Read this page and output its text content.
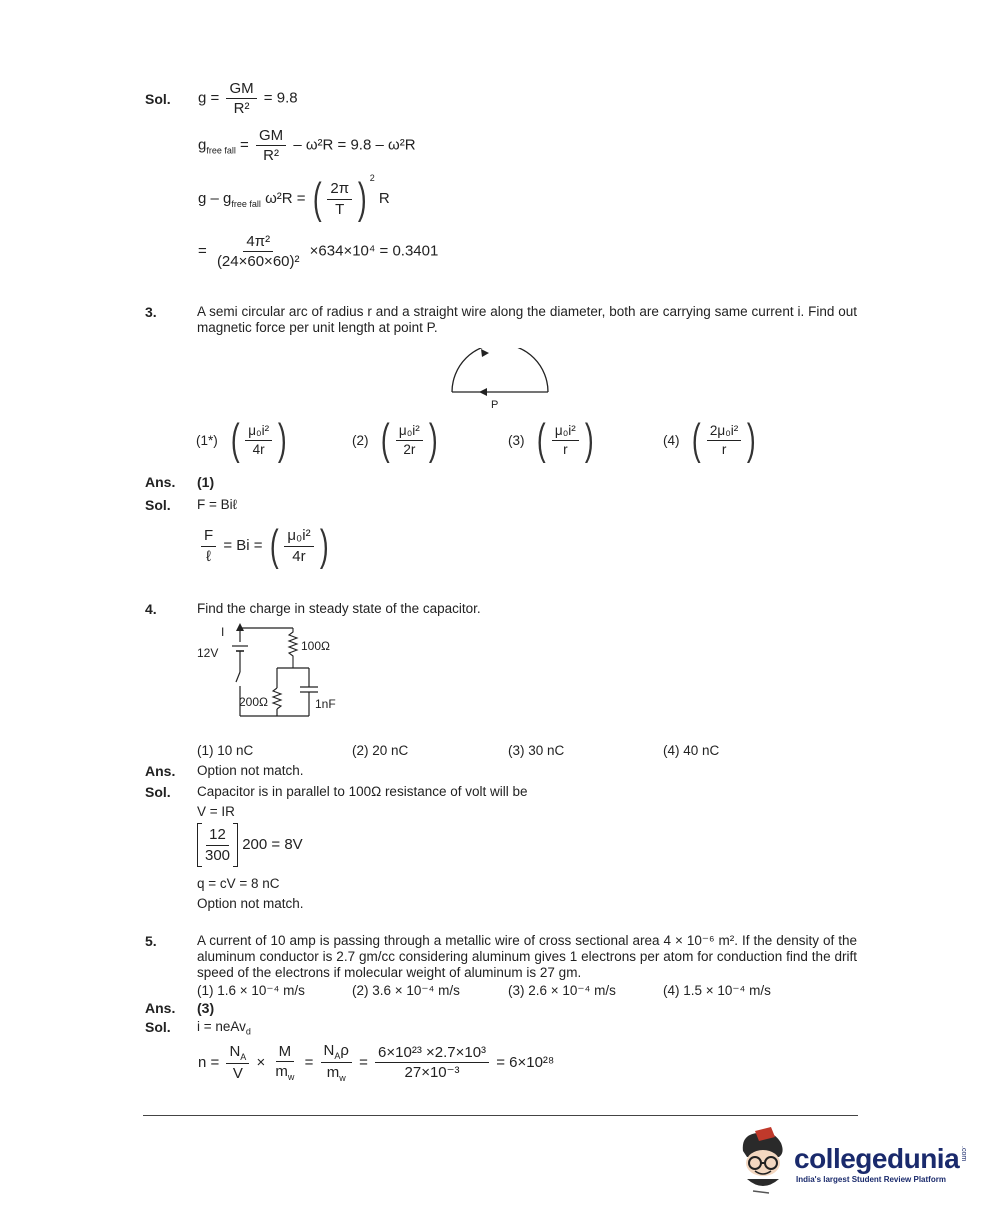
Sol. $g = \frac{GM}{\text{R²}} = 9.8$
$g_{free fall} = \frac{GM}{\text{R²}} - \omega^2R = 9.8 - \omega^2R$
g – $g_{free fall}$ ω²R = ( $\frac{2\pi}{T}$ ) $^2$ R
= $\frac{\text{4π²}}{\text{(24×60×60)²}} \times 634\times 10^4 = 0.3401$
3.	A semi circular arc of radius r and a straight wire along the diameter, both are carrying same current i. Find out magnetic force per unit length at point P.
P
(1*) ( $\frac{\text{μ₀i²}}{4r}$ )	(2) ( $\frac{\text{μ₀i²}}{2r}$ )	(3) ( $\frac{\text{μ₀i²}}{r}$ )	(4) ( $\frac{\text{2μ₀i²}}{r}$ )
Ans. (1)
Sol. F = Biℓ
$\frac{F}{\text{ℓ}} = Bi$ = ( $\frac{\text{μ₀i²}}{4r}$ )
4.	Find the charge in steady state of the capacitor.
I
12V	100Ω
200Ω	1nF
(1) 10 nC	(2) 20 nC	(3) 30 nC	(4) 40 nC
Ans. Option not match.
Sol. Capacitor is in parallel to 100Ω resistance of volt will be
V = IR
$\frac{12}{300} 200 = 8V$
q = cV = 8 nC
Option not match.
5.	A current of 10 amp is passing through a metallic wire of cross sectional area 4 × 10⁻⁶ m². If the density of the aluminum conductor is 2.7 gm/cc considering aluminum gives 1 electrons per atom for conduction find the drift speed of the electrons if molecular weight of aluminum is 27 gm.
(1) 1.6 × 10⁻⁴ m/s	(2) 3.6 × 10⁻⁴ m/s	(3) 2.6 × 10⁻⁴ m/s	(4) 1.5 × 10⁻⁴ m/s
Ans. (3)
Sol. i = neAv$_d$
$n = \frac{N_A}{V} \times \frac{M}{m_w} = \frac{N_A\rho}{m_w} = \frac{\text{6×10²³ ×2.7×10³}}{\text{27×10⁻³}} = 6\times 10^{28}$
collegedunia .com
India's largest Student Review Platform
